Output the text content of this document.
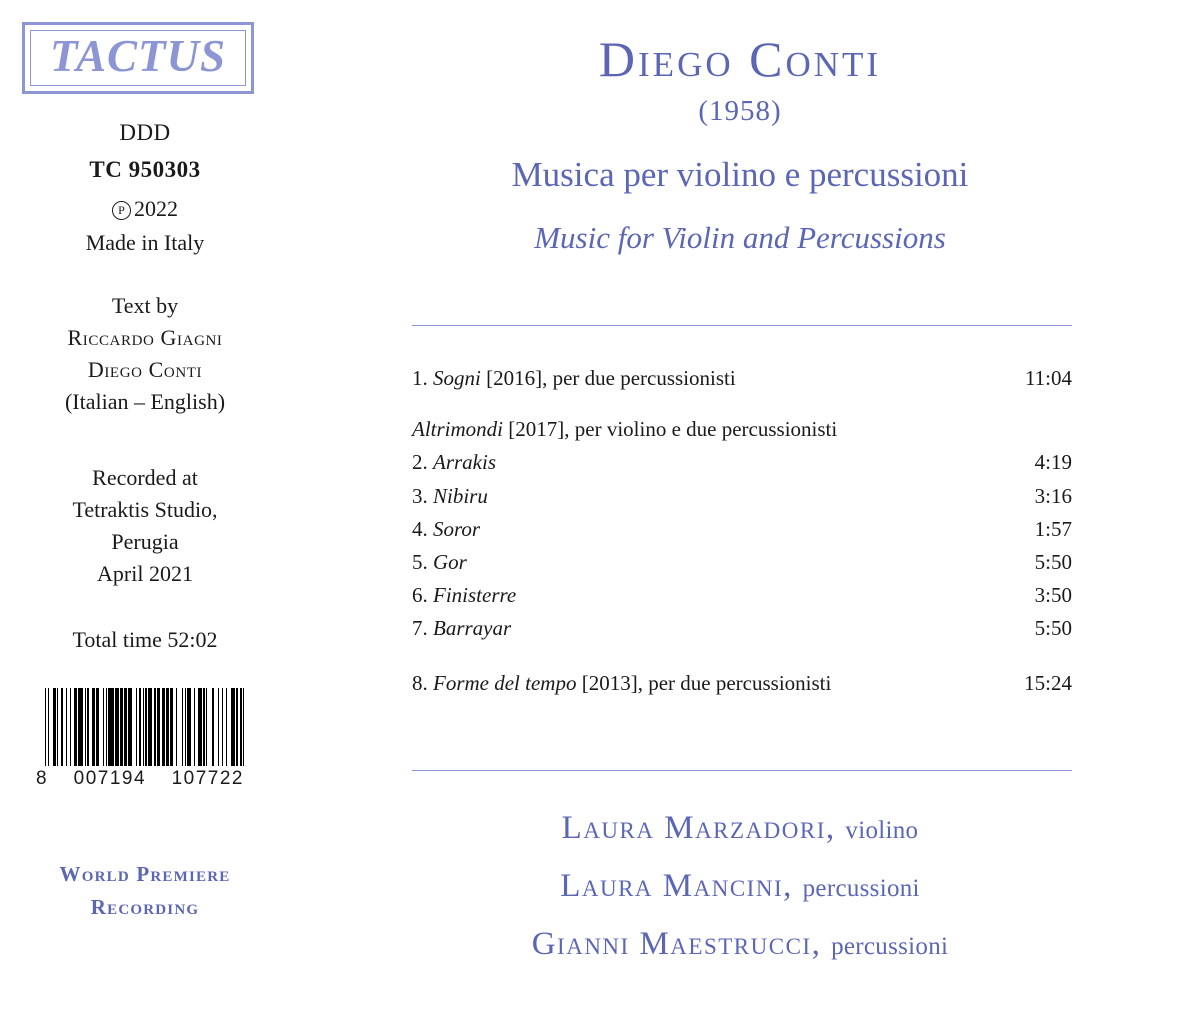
TACTUS
DDD
TC 950303
P 2022
Made in Italy
Text by
Riccardo Giagni
Diego Conti
(Italian – English)
Recorded at
Tetraktis Studio,
Perugia
April 2021
Total time 52:02
8 007194 107722
World Premiere
Recording
Diego Conti
(1958)
Musica per violino e percussioni
Music for Violin and Percussions
1. Sogni [2016], per due percussionisti	11:04
Altrimondi [2017], per violino e due percussionisti
2. Arrakis	4:19
3. Nibiru	3:16
4. Soror	1:57
5. Gor	5:50
6. Finisterre	3:50
7. Barrayar	5:50
8. Forme del tempo [2013], per due percussionisti	15:24
Laura Marzadori, violino
Laura Mancini, percussioni
Gianni Maestrucci, percussioni
